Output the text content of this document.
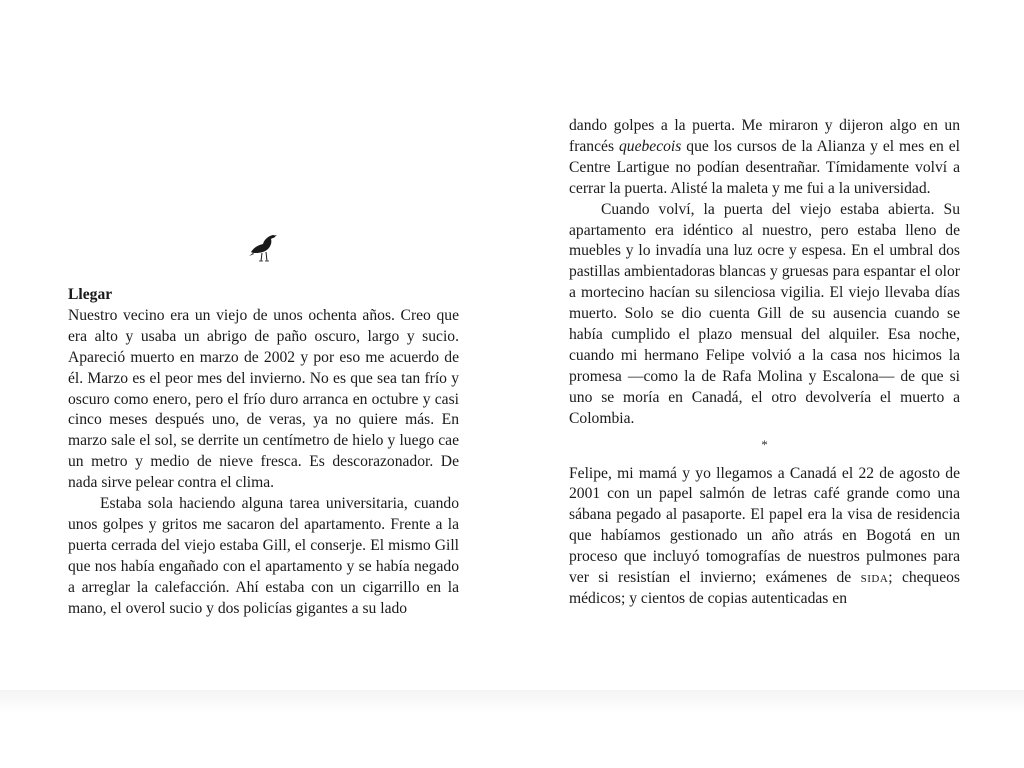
Llegar

Nuestro vecino era un viejo de unos ochenta años. Creo que era alto y usaba un abrigo de paño oscuro, largo y sucio. Apareció muerto en marzo de 2002 y por eso me acuerdo de él. Marzo es el peor mes del invierno. No es que sea tan frío y oscuro como enero, pero el frío duro arranca en octubre y casi cinco meses después uno, de veras, ya no quiere más. En marzo sale el sol, se derrite un centímetro de hielo y luego cae un metro y medio de nieve fresca. Es descorazonador. De nada sirve pelear contra el clima.

Estaba sola haciendo alguna tarea universitaria, cuando unos golpes y gritos me sacaron del apartamento. Frente a la puerta cerrada del viejo estaba Gill, el conserje. El mismo Gill que nos había engañado con el apartamento y se había negado a arreglar la calefacción. Ahí estaba con un cigarrillo en la mano, el overol sucio y dos policías gigantes a su lado

dando golpes a la puerta. Me miraron y dijeron algo en un francés quebecois que los cursos de la Alianza y el mes en el Centre Lartigue no podían desentrañar. Tímidamente volví a cerrar la puerta. Alisté la maleta y me fui a la universidad.

Cuando volví, la puerta del viejo estaba abierta. Su apartamento era idéntico al nuestro, pero estaba lleno de muebles y lo invadía una luz ocre y espesa. En el umbral dos pastillas ambientadoras blancas y gruesas para espantar el olor a mortecino hacían su silenciosa vigilia. El viejo llevaba días muerto. Solo se dio cuenta Gill de su ausencia cuando se había cumplido el plazo mensual del alquiler. Esa noche, cuando mi hermano Felipe volvió a la casa nos hicimos la promesa —como la de Rafa Molina y Escalona— de que si uno se moría en Canadá, el otro devolvería el muerto a Colombia.

*

Felipe, mi mamá y yo llegamos a Canadá el 22 de agosto de 2001 con un papel salmón de letras café grande como una sábana pegado al pasaporte. El papel era la visa de residencia que habíamos gestionado un año atrás en Bogotá en un proceso que incluyó tomografías de nuestros pulmones para ver si resistían el invierno; exámenes de sida; chequeos médicos; y cientos de copias autenticadas en
